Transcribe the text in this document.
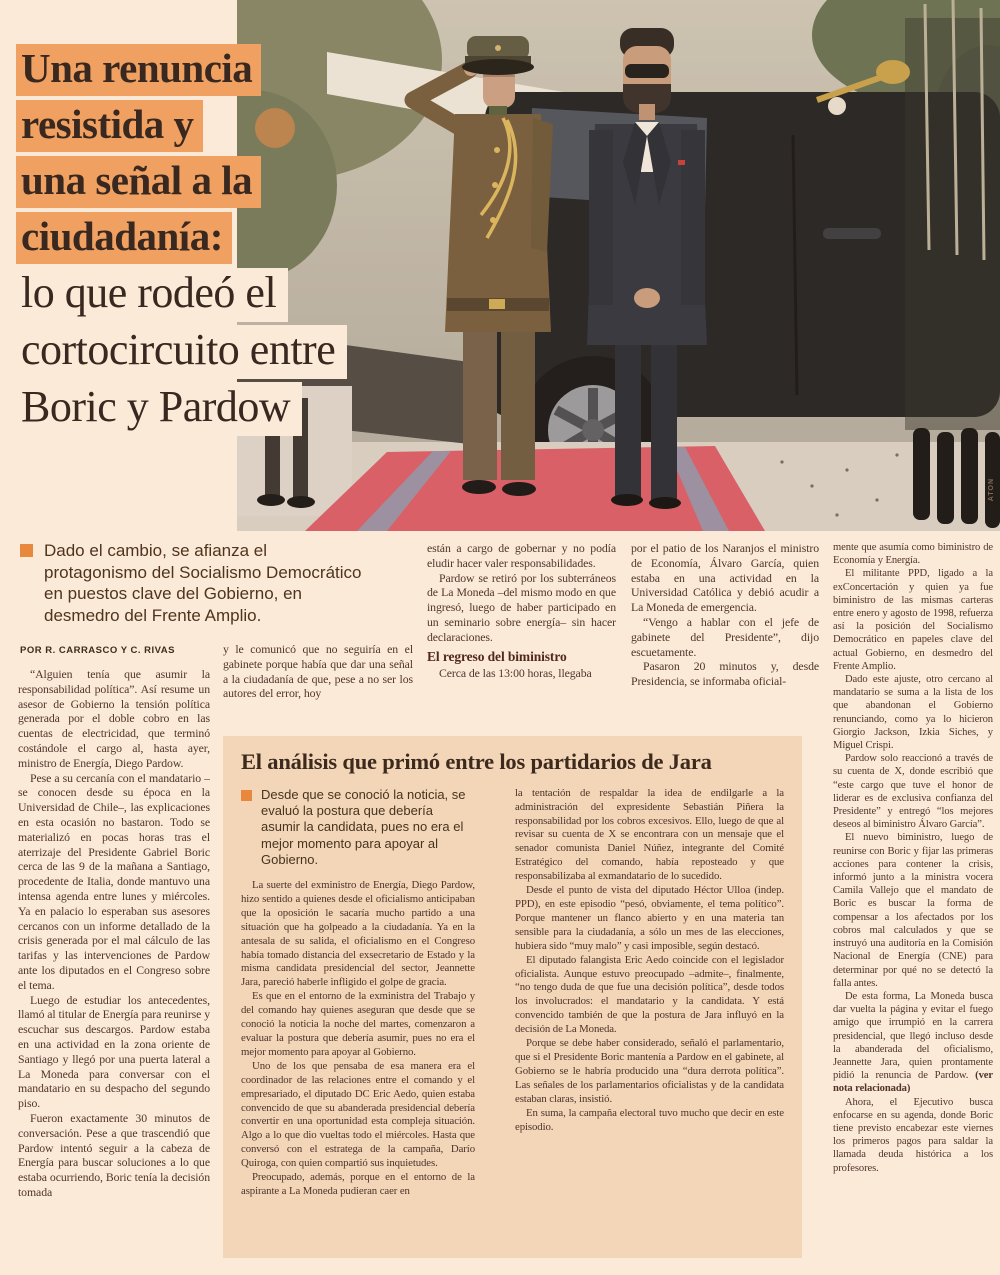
ATON
Una renuncia
resistida y
una señal a la
ciudadanía:
lo que rodeó el
cortocircuito entre
Boric y Pardow
Dado el cambio, se afianza el protagonismo del Socialismo Democrático en puestos clave del Gobierno, en desmedro del Frente Amplio.
POR R. CARRASCO Y C. RIVAS

“Alguien tenía que asumir la responsabilidad política”. Así resume un asesor de Gobierno la tensión política generada por el doble cobro en las cuentas de electricidad, que terminó costándole el cargo al, hasta ayer, ministro de Energía, Diego Pardow.

Pese a su cercanía con el mandatario –se conocen desde su época en la Universidad de Chile–, las explicaciones en esta ocasión no bastaron. Todo se materializó en pocas horas tras el aterrizaje del Presidente Gabriel Boric cerca de las 9 de la mañana a Santiago, procedente de Italia, donde mantuvo una intensa agenda entre lunes y miércoles. Ya en palacio lo esperaban sus asesores cercanos con un informe detallado de la crisis generada por el mal cálculo de las tarifas y las intervenciones de Pardow ante los diputados en el Congreso sobre el tema.

Luego de estudiar los antecedentes, llamó al titular de Energía para reunirse y escuchar sus descargos. Pardow estaba en una actividad en la zona oriente de Santiago y llegó por una puerta lateral a La Moneda para conversar con el mandatario en su despacho del segundo piso.

Fueron exactamente 30 minutos de conversación. Pese a que trascendió que Pardow intentó seguir a la cabeza de Energía para buscar soluciones a lo que estaba ocurriendo, Boric tenía la decisión tomada

y le comunicó que no seguiría en el gabinete porque había que dar una señal a la ciudadanía de que, pese a no ser los autores del error, hoy

están a cargo de gobernar y no podía eludir hacer valer responsabilidades.

Pardow se retiró por los subterráneos de La Moneda –del mismo modo en que ingresó, luego de haber participado en un seminario sobre energía– sin hacer declaraciones.

El regreso del biministro

Cerca de las 13:00 horas, llegaba

por el patio de los Naranjos el ministro de Economía, Álvaro García, quien estaba en una actividad en la Universidad Católica y debió acudir a La Moneda de emergencia.

“Vengo a hablar con el jefe de gabinete del Presidente”, dijo escuetamente.

Pasaron 20 minutos y, desde Presidencia, se informaba oficial-

mente que asumía como biministro de Economía y Energía.

El militante PPD, ligado a la exConcertación y quien ya fue biministro de las mismas carteras entre enero y agosto de 1998, refuerza así la posición del Socialismo Democrático en papeles clave del actual Gobierno, en desmedro del Frente Amplio.

Dado este ajuste, otro cercano al mandatario se suma a la lista de los que abandonan el Gobierno renunciando, como ya lo hicieron Giorgio Jackson, Izkia Siches, y Miguel Crispi.

Pardow solo reaccionó a través de su cuenta de X, donde escribió que “este cargo que tuve el honor de liderar es de exclusiva confianza del Presidente” y entregó “los mejores deseos al biministro Álvaro García”.

El nuevo biministro, luego de reunirse con Boric y fijar las primeras acciones para contener la crisis, informó junto a la ministra vocera Camila Vallejo que el mandato de Boric es buscar la forma de compensar a los afectados por los cobros mal calculados y que se instruyó una auditoría en la Comisión Nacional de Energía (CNE) para determinar por qué no se detectó la falla antes.

De esta forma, La Moneda busca dar vuelta la página y evitar el fuego amigo que irrumpió en la carrera presidencial, que llegó incluso desde la abanderada del oficialismo, Jeannette Jara, quien prontamente pidió la renuncia de Pardow. (ver nota relacionada)

Ahora, el Ejecutivo busca enfocarse en su agenda, donde Boric tiene previsto encabezar este viernes los primeros pagos para saldar la llamada deuda histórica a los profesores.

El análisis que primó entre los partidarios de Jara
Desde que se conoció la noticia, se evaluó la postura que debería asumir la candidata, pues no era el mejor momento para apoyar al Gobierno.

La suerte del exministro de Energía, Diego Pardow, hizo sentido a quienes desde el oficialismo anticipaban que la oposición le sacaría mucho partido a una situación que ha golpeado a la ciudadanía. Ya en la antesala de su salida, el oficialismo en el Congreso había tomado distancia del exsecretario de Estado y la misma candidata presidencial del sector, Jeannette Jara, pareció haberle infligido el golpe de gracia.

Es que en el entorno de la exministra del Trabajo y del comando hay quienes aseguran que desde que se conoció la noticia la noche del martes, comenzaron a evaluar la postura que debería asumir, pues no era el mejor momento para apoyar al Gobierno.

Uno de los que pensaba de esa manera era el coordinador de las relaciones entre el comando y el empresariado, el diputado DC Eric Aedo, quien estaba convencido de que su abanderada presidencial debería convertir en una oportunidad esta compleja situación. Algo a lo que dio vueltas todo el miércoles. Hasta que conversó con el estratega de la campaña, Darío Quiroga, con quien compartió sus inquietudes.

Preocupado, además, porque en el entorno de la aspirante a La Moneda pudieran caer en

la tentación de respaldar la idea de endilgarle a la administración del expresidente Sebastián Piñera la responsabilidad por los cobros excesivos. Ello, luego de que al revisar su cuenta de X se encontrara con un mensaje que el senador comunista Daniel Núñez, integrante del Comité Estratégico del comando, había reposteado y que responsabilizaba al exmandatario de lo sucedido.

Desde el punto de vista del diputado Héctor Ulloa (indep. PPD), en este episodio “pesó, obviamente, el tema político”. Porque mantener un flanco abierto y en una materia tan sensible para la ciudadanía, a sólo un mes de las elecciones, hubiera sido “muy malo” y casi imposible, según destacó.

El diputado falangista Eric Aedo coincide con el legislador oficialista. Aunque estuvo preocupado –admite–, finalmente, “no tengo duda de que fue una decisión política”, desde todos los involucrados: el mandatario y la candidata. Y está convencido también de que la postura de Jara influyó en la decisión de La Moneda.

Porque se debe haber considerado, señaló el parlamentario, que si el Presidente Boric mantenía a Pardow en el gabinete, al Gobierno se le habría producido una “dura derrota política”. Las señales de los parlamentarios oficialistas y de la candidata estaban claras, insistió.

En suma, la campaña electoral tuvo mucho que decir en este episodio.
